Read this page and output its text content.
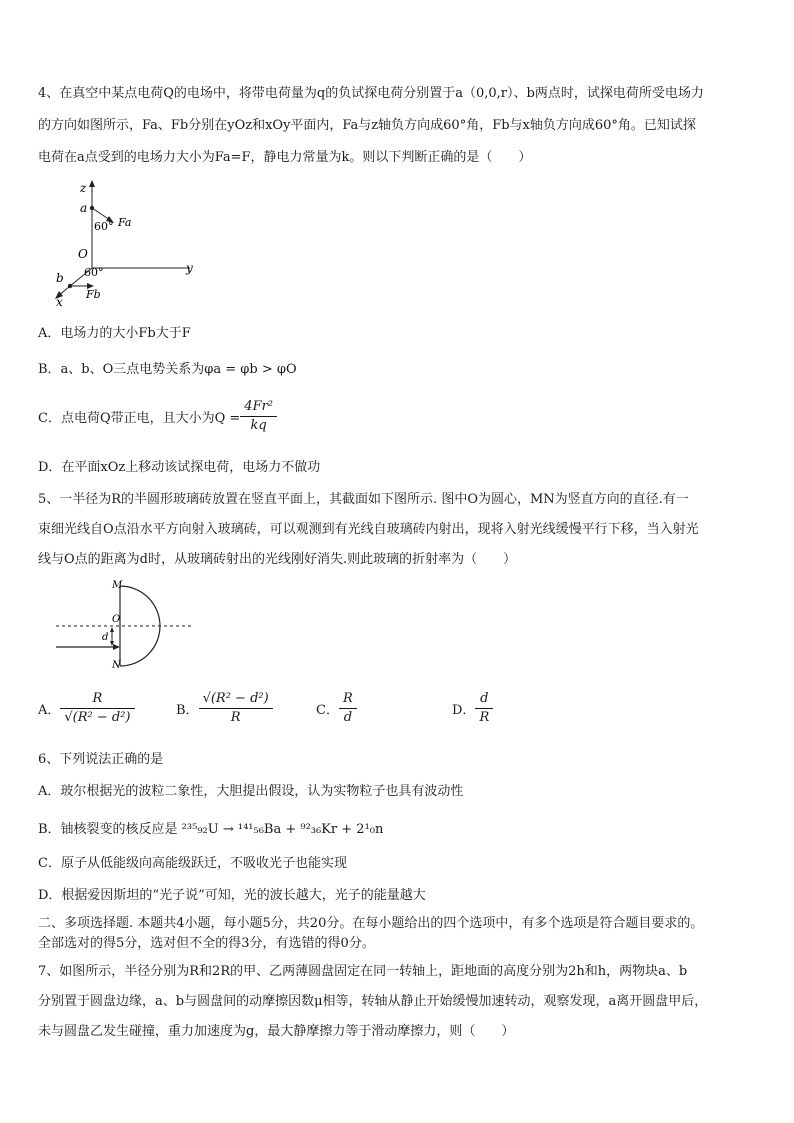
4、在真空中某点电荷Q的电场中，将带电荷量为q的负试探电荷分别置于a（0,0,r）、b两点时，试探电荷所受电场力
的方向如图所示，Fa、Fb分别在yOz和xOy平面内，Fa与z轴负方向成60°角，Fb与x轴负方向成60°角。已知试探
电荷在a点受到的电场力大小为Fa=F，静电力常量为k。则以下判断正确的是（　　）
z
a
60° Fa
O
y
60°
b
Fb
x
A．电场力的大小Fb大于F
B．a、b、O三点电势关系为φa = φb > φO
C．点电荷Q带正电，且大小为$Q = \frac{\text{4Fr²}}{kq}$
D．在平面xOz上移动该试探电荷，电场力不做功
5、一半径为R的半圆形玻璃砖放置在竖直平面上，其截面如下图所示. 图中O为圆心，MN为竖直方向的直径.有一
束细光线自O点沿水平方向射入玻璃砖，可以观测到有光线自玻璃砖内射出，现将入射光线缓慢平行下移，当入射光
线与O点的距离为d时，从玻璃砖射出的光线刚好消失.则此玻璃的折射率为（　　）
M
O
d
N
A． $\frac{R}{\text{√(R² − d²)}}$	B． $\frac{\text{√(R² − d²)}}{R}$	C． $\frac{R}{d}$	D． $\frac{d}{R}$
6、下列说法正确的是
A．玻尔根据光的波粒二象性，大胆提出假设，认为实物粒子也具有波动性
B．铀核裂变的核反应是 ²³⁵₉₂U → ¹⁴¹₅₆Ba + ⁹²₃₆Kr + 2¹₀n
C．原子从低能级向高能级跃迁，不吸收光子也能实现
D．根据爱因斯坦的“光子说”可知，光的波长越大，光子的能量越大
二、多项选择题. 本题共4小题，每小题5分，共20分。在每小题给出的四个选项中，有多个选项是符合题目要求的。
全部选对的得5分，选对但不全的得3分，有选错的得0分。
7、如图所示，半径分别为R和2R的甲、乙两薄圆盘固定在同一转轴上，距地面的高度分别为2h和h，两物块a、b
分别置于圆盘边缘，a、b与圆盘间的动摩擦因数μ相等，转轴从静止开始缓慢加速转动，观察发现，a离开圆盘甲后，
未与圆盘乙发生碰撞，重力加速度为g，最大静摩擦力等于滑动摩擦力，则（　　）
